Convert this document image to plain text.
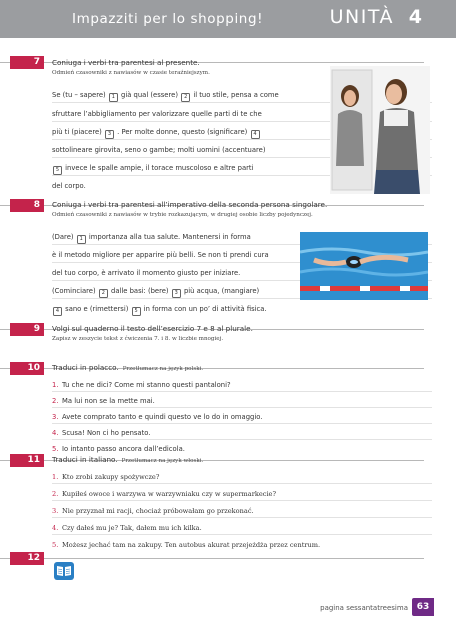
Impazziti per lo shopping!	UNITÀ 4
7	Coniuga i verbi tra parentesi al presente.
Odmień czasowniki z nawiasów w czasie teraźniejszym.
Se (tu – sapere) 1 già qual (essere) 2 il tuo stile, pensa a come
sfruttare l’abbigliamento per valorizzare quelle parti di te che
più ti (piacere) 3 . Per molte donne, questo (significare) 4
sottolineare girovita, seno o gambe; molti uomini (accentuare)
5 invece le spalle ampie, il torace muscoloso e altre parti
del corpo.
8	Coniuga i verbi tra parentesi all’imperativo della seconda persona singolare.
Odmień czasowniki z nawiasów w trybie rozkazującym, w drugiej osobie liczby pojedynczej.
(Dare) 1 importanza alla tua salute. Mantenersi in forma
è il metodo migliore per apparire più belli. Se non ti prendi cura
del tuo corpo, è arrivato il momento giusto per iniziare.
(Cominciare) 2 dalle basi: (bere) 3 più acqua, (mangiare)
4 sano e (rimettersi) 5 in forma con un po’ di attività fisica.
9	Volgi sul quaderno il testo dell’esercizio 7 e 8 al plurale.
Zapisz w zeszycie tekst z ćwiczenia 7. i 8. w liczbie mnogiej.
10	Traduci in polacco. Przetłumacz na język polski.
1. Tu che ne dici? Come mi stanno questi pantaloni?
2. Ma lui non se la mette mai.
3. Avete comprato tanto e quindi questo ve lo do in omaggio.
4. Scusa! Non ci ho pensato.
5. Io intanto passo ancora dall’edicola.
11	Traduci in italiano. Przetłumacz na język włoski.
1. Kto zrobi zakupy spożywcze?
2. Kupiłeś owoce i warzywa w warzywniaku czy w supermarkecie?
3. Nie przyznał mi racji, chociaż próbowałam go przekonać.
4. Czy dałeś mu je? Tak, dałem mu ich kilka.
5. Możesz jechać tam na zakupy. Ten autobus akurat przejeżdża przez centrum.
12
pagina sessantatreesima 63
